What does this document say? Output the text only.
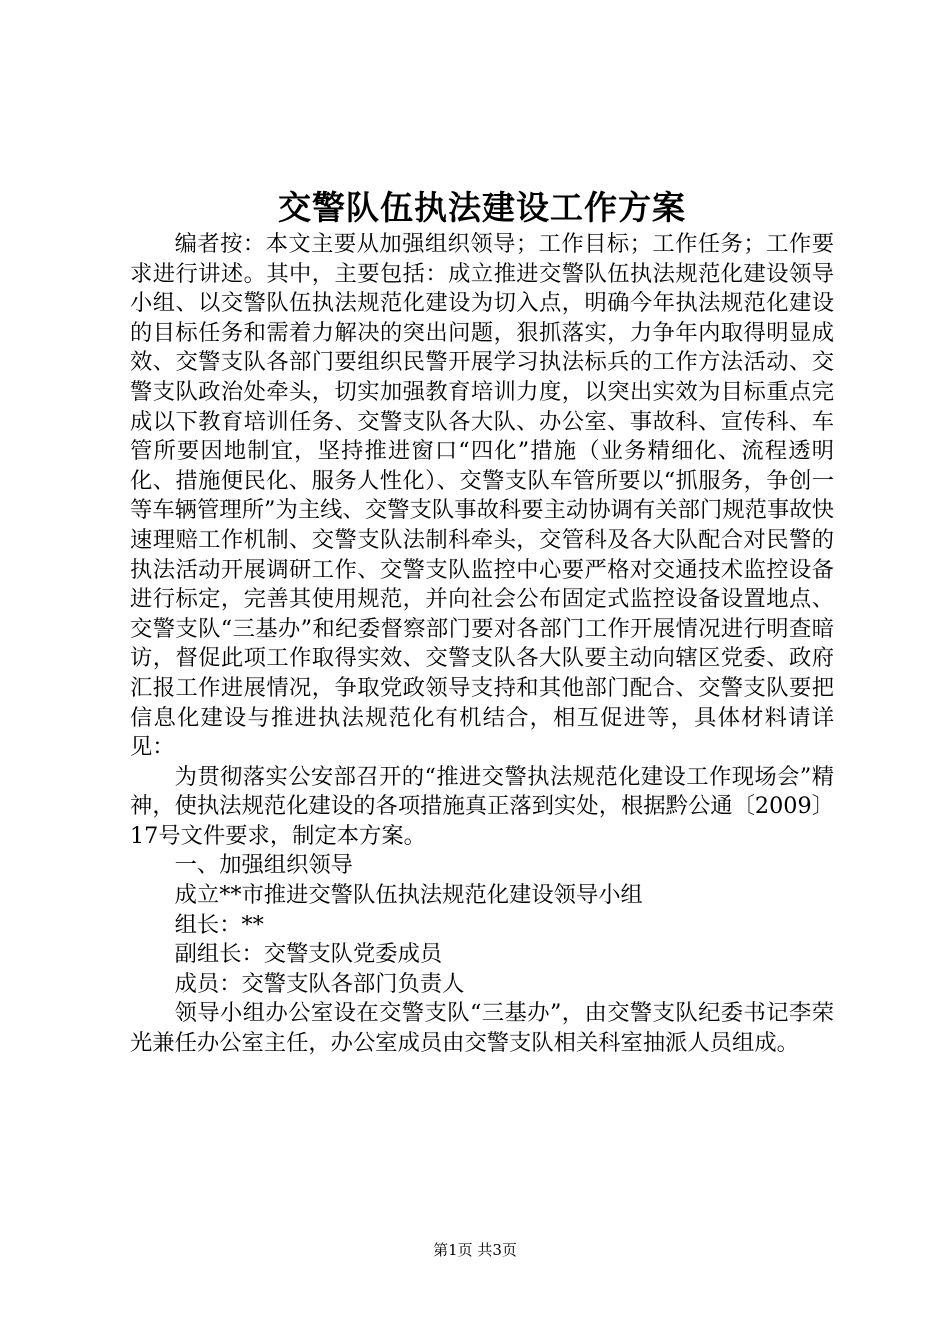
交警队伍执法建设工作方案

编者按：本文主要从加强组织领导；工作目标；工作任务；工作要求进行讲述。其中，主要包括：成立推进交警队伍执法规范化建设领导小组、以交警队伍执法规范化建设为切入点，明确今年执法规范化建设的目标任务和需着力解决的突出问题，狠抓落实，力争年内取得明显成效、交警支队各部门要组织民警开展学习执法标兵的工作方法活动、交警支队政治处牵头，切实加强教育培训力度，以突出实效为目标重点完成以下教育培训任务、交警支队各大队、办公室、事故科、宣传科、车管所要因地制宜，坚持推进窗口“四化”措施（业务精细化、流程透明化、措施便民化、服务人性化）、交警支队车管所要以“抓服务，争创一等车辆管理所”为主线、交警支队事故科要主动协调有关部门规范事故快速理赔工作机制、交警支队法制科牵头，交管科及各大队配合对民警的执法活动开展调研工作、交警支队监控中心要严格对交通技术监控设备进行标定，完善其使用规范，并向社会公布固定式监控设备设置地点、交警支队“三基办”和纪委督察部门要对各部门工作开展情况进行明查暗访，督促此项工作取得实效、交警支队各大队要主动向辖区党委、政府汇报工作进展情况，争取党政领导支持和其他部门配合、交警支队要把信息化建设与推进执法规范化有机结合，相互促进等，具体材料请详见：

为贯彻落实公安部召开的“推进交警执法规范化建设工作现场会”精神，使执法规范化建设的各项措施真正落到实处，根据黔公通〔2009〕17号文件要求，制定本方案。

一、加强组织领导

成立**市推进交警队伍执法规范化建设领导小组

组长：**

副组长：交警支队党委成员

成员：交警支队各部门负责人

领导小组办公室设在交警支队“三基办”，由交警支队纪委书记李荣光兼任办公室主任，办公室成员由交警支队相关科室抽派人员组成。

第1页 共3页
